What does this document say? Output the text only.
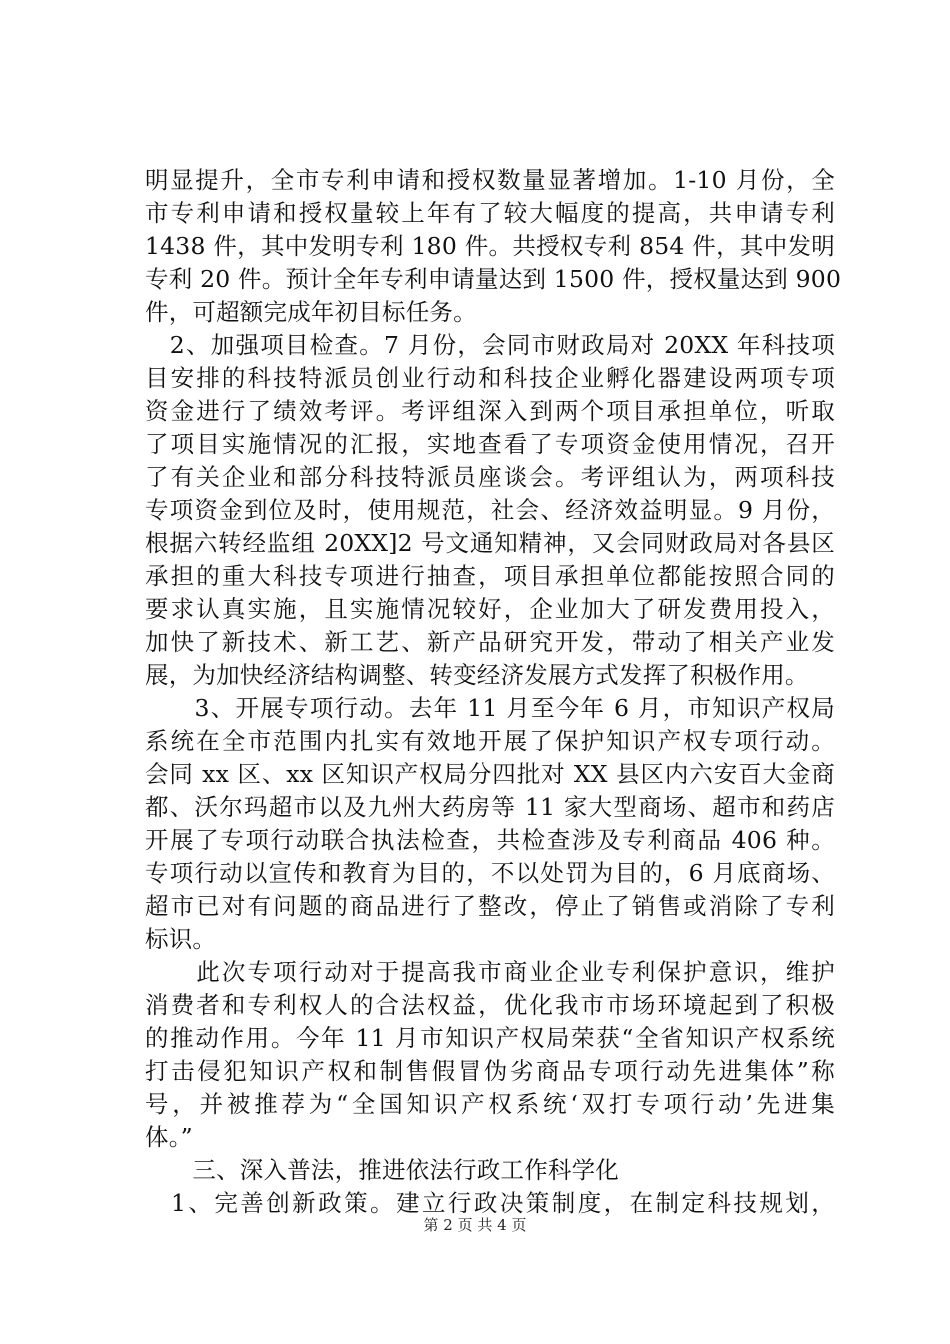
明显提升，全市专利申请和授权数量显著增加。1-10 月份，全
市专利申请和授权量较上年有了较大幅度的提高，共申请专利
1438 件，其中发明专利 180 件。共授权专利 854 件，其中发明
专利 20 件。预计全年专利申请量达到 1500 件，授权量达到 900
件，可超额完成年初目标任务。
　2、加强项目检查。7 月份，会同市财政局对 20XX 年科技项
目安排的科技特派员创业行动和科技企业孵化器建设两项专项
资金进行了绩效考评。考评组深入到两个项目承担单位，听取
了项目实施情况的汇报，实地查看了专项资金使用情况，召开
了有关企业和部分科技特派员座谈会。考评组认为，两项科技
专项资金到位及时，使用规范，社会、经济效益明显。9 月份，
根据六转经监组 20XX]2 号文通知精神，又会同财政局对各县区
承担的重大科技专项进行抽查，项目承担单位都能按照合同的
要求认真实施，且实施情况较好，企业加大了研发费用投入，
加快了新技术、新工艺、新产品研究开发，带动了相关产业发
展，为加快经济结构调整、转变经济发展方式发挥了积极作用。
　　3、开展专项行动。去年 11 月至今年 6 月，市知识产权局
系统在全市范围内扎实有效地开展了保护知识产权专项行动。
会同 xx 区、xx 区知识产权局分四批对 XX 县区内六安百大金商
都、沃尔玛超市以及九州大药房等 11 家大型商场、超市和药店
开展了专项行动联合执法检查，共检查涉及专利商品 406 种。
专项行动以宣传和教育为目的，不以处罚为目的，6 月底商场、
超市已对有问题的商品进行了整改，停止了销售或消除了专利
标识。
　　此次专项行动对于提高我市商业企业专利保护意识，维护
消费者和专利权人的合法权益，优化我市市场环境起到了积极
的推动作用。今年 11 月市知识产权局荣获“全省知识产权系统
打击侵犯知识产权和制售假冒伪劣商品专项行动先进集体”称
号，并被推荐为“全国知识产权系统‘双打专项行动’先进集
体。”
　　三、深入普法，推进依法行政工作科学化
　1、完善创新政策。建立行政决策制度，在制定科技规划，
第 2 页 共 4 页
